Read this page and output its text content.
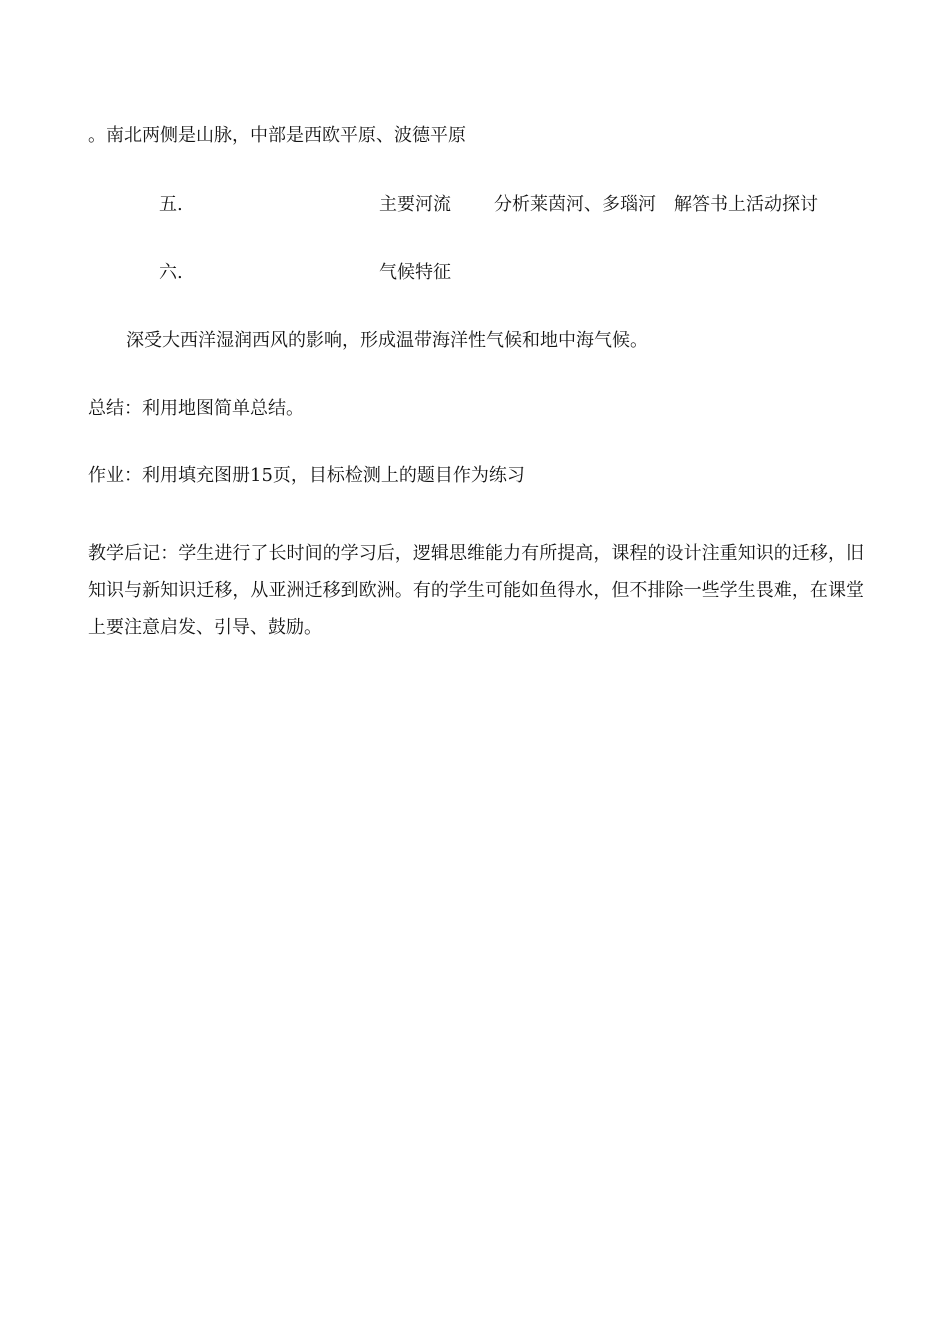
。南北两侧是山脉，中部是西欧平原、波德平原
五.	主要河流 分析莱茵河、多瑙河 解答书上活动探讨
六.	气候特征
深受大西洋湿润西风的影响，形成温带海洋性气候和地中海气候。
总结：利用地图简单总结。
作业：利用填充图册15页，目标检测上的题目作为练习
教学后记：学生进行了长时间的学习后，逻辑思维能力有所提高，课程的设计注重知识的迁移，旧知识与新知识迁移，从亚洲迁移到欧洲。有的学生可能如鱼得水，但不排除一些学生畏难，在课堂上要注意启发、引导、鼓励。
